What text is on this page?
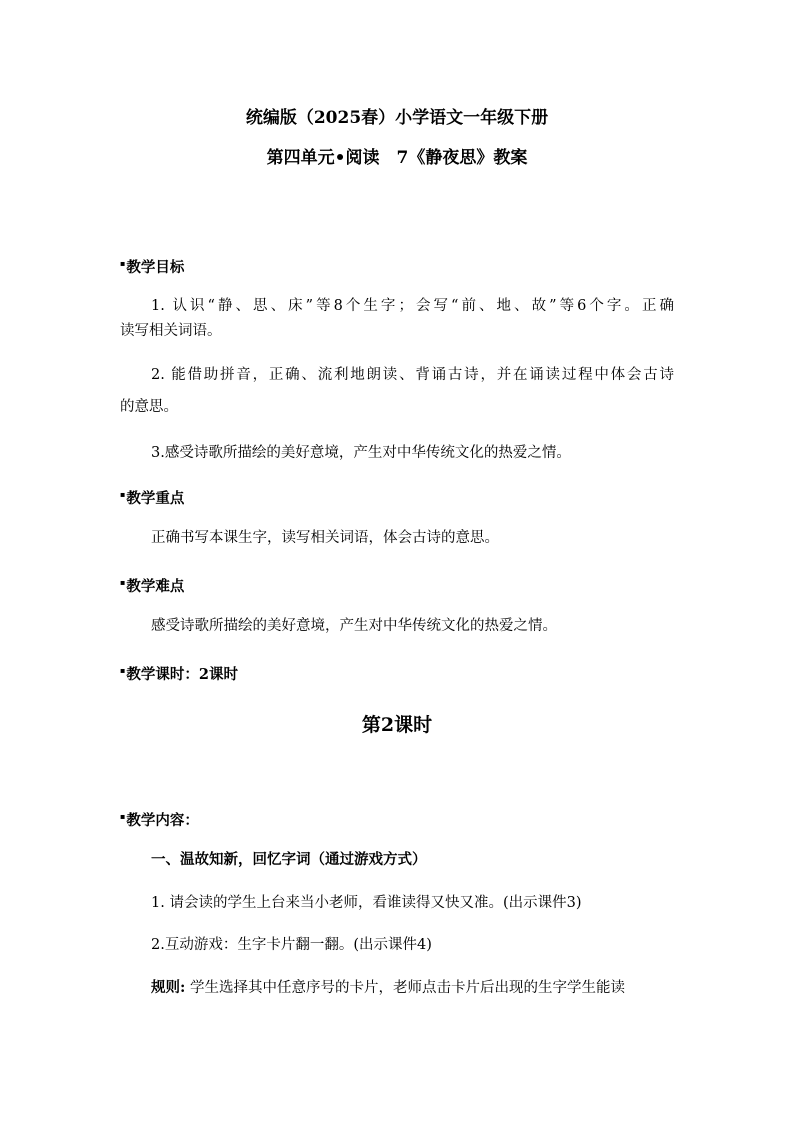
统编版（2025春）小学语文一年级下册
第四单元•阅读　7《静夜思》教案
▪教学目标
1. 认识“静、思、床”等8个生字；会写“前、地、故”等6个字。正确
读写相关词语。
2. 能借助拼音，正确、流利地朗读、背诵古诗，并在诵读过程中体会古诗
的意思。
3.感受诗歌所描绘的美好意境，产生对中华传统文化的热爱之情。
▪教学重点
正确书写本课生字，读写相关词语，体会古诗的意思。
▪教学难点
感受诗歌所描绘的美好意境，产生对中华传统文化的热爱之情。
▪教学课时：2课时
第2课时
▪教学内容：
一、温故知新，回忆字词（通过游戏方式）
1. 请会读的学生上台来当小老师，看谁读得又快又准。(出示课件3)
2.互动游戏：生字卡片翻一翻。(出示课件4)
规则: 学生选择其中任意序号的卡片，老师点击卡片后出现的生字学生能读
